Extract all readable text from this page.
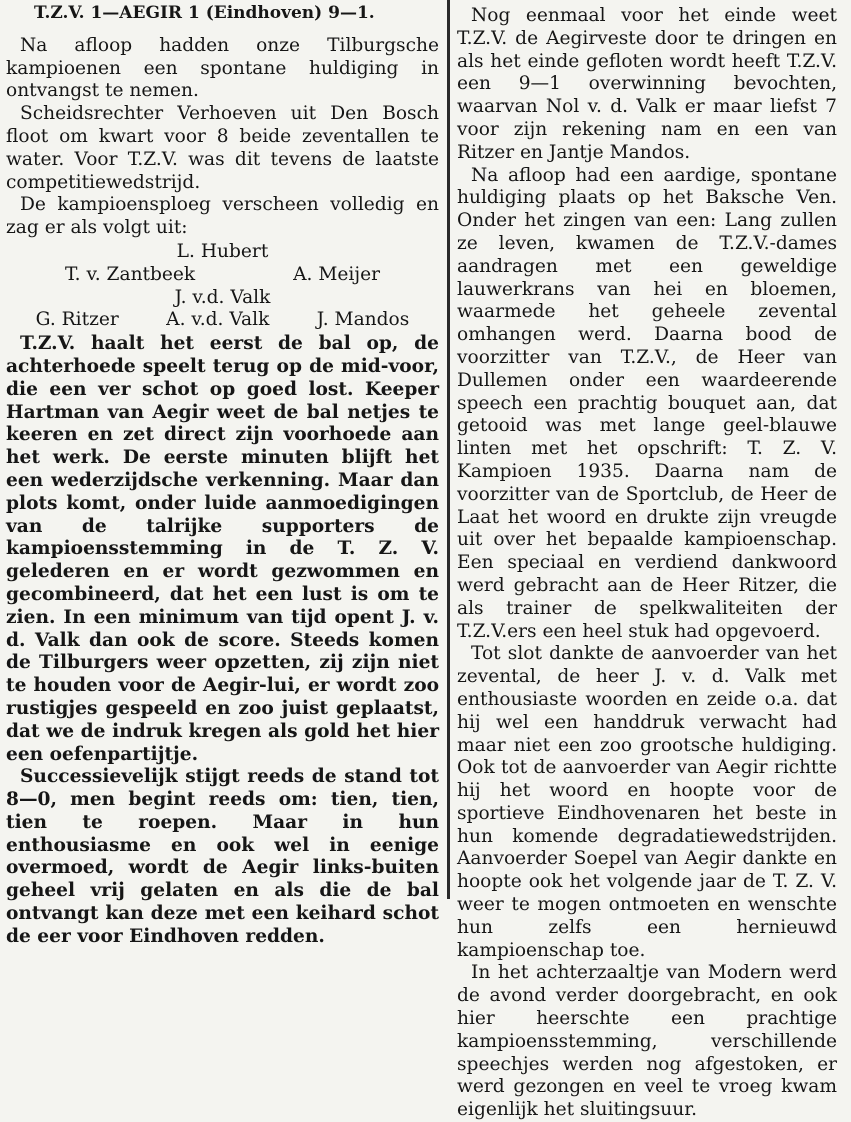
T.Z.V. 1—AEGIR 1 (Eindhoven) 9—1.

Na afloop hadden onze Tilburgsche kampioenen een spontane huldiging in ontvangst te nemen.

Scheidsrechter Verhoeven uit Den Bosch floot om kwart voor 8 beide zeventallen te water. Voor T.Z.V. was dit tevens de laatste competitiewedstrijd.

De kampioensploeg verscheen volledig en zag er als volgt uit:

L. Hubert
T. v. Zantbeek	A. Meijer
J. v.d. Valk
G. Ritzer	A. v.d. Valk	J. Mandos

T.Z.V. haalt het eerst de bal op, de achterhoede speelt terug op de mid-voor, die een ver schot op goed lost. Keeper Hartman van Aegir weet de bal netjes te keeren en zet direct zijn voorhoede aan het werk. De eerste minuten blijft het een wederzijdsche verkenning. Maar dan plots komt, onder luide aanmoedigingen van de talrijke supporters de kampioensstemming in de T. Z. V. gelederen en er wordt gezwommen en gecombineerd, dat het een lust is om te zien. In een minimum van tijd opent J. v. d. Valk dan ook de score. Steeds komen de Tilburgers weer opzetten, zij zijn niet te houden voor de Aegir-lui, er wordt zoo rustigjes gespeeld en zoo juist geplaatst, dat we de indruk kregen als gold het hier een oefenpartijtje.

Successievelijk stijgt reeds de stand tot 8—0, men begint reeds om: tien, tien, tien te roepen. Maar in hun enthousiasme en ook wel in eenige overmoed, wordt de Aegir links-buiten geheel vrij gelaten en als die de bal ontvangt kan deze met een keihard schot de eer voor Eindhoven redden.

Nog eenmaal voor het einde weet T.Z.V. de Aegirveste door te dringen en als het einde gefloten wordt heeft T.Z.V. een 9—1 overwinning bevochten, waarvan Nol v. d. Valk er maar liefst 7 voor zijn rekening nam en een van Ritzer en Jantje Mandos.

Na afloop had een aardige, spontane huldiging plaats op het Baksche Ven. Onder het zingen van een: Lang zullen ze leven, kwamen de T.Z.V.-dames aandragen met een geweldige lauwerkrans van hei en bloemen, waarmede het geheele zevental omhangen werd. Daarna bood de voorzitter van T.Z.V., de Heer van Dullemen onder een waardeerende speech een prachtig bouquet aan, dat getooid was met lange geel-blauwe linten met het opschrift: T. Z. V. Kampioen 1935. Daarna nam de voorzitter van de Sportclub, de Heer de Laat het woord en drukte zijn vreugde uit over het bepaalde kampioenschap. Een speciaal en verdiend dankwoord werd gebracht aan de Heer Ritzer, die als trainer de spelkwaliteiten der T.Z.V.ers een heel stuk had opgevoerd.

Tot slot dankte de aanvoerder van het zevental, de heer J. v. d. Valk met enthousiaste woorden en zeide o.a. dat hij wel een handdruk verwacht had maar niet een zoo grootsche huldiging. Ook tot de aanvoerder van Aegir richtte hij het woord en hoopte voor de sportieve Eindhovenaren het beste in hun komende degradatiewedstrijden. Aanvoerder Soepel van Aegir dankte en hoopte ook het volgende jaar de T. Z. V. weer te mogen ontmoeten en wenschte hun zelfs een hernieuwd kampioenschap toe.

In het achterzaaltje van Modern werd de avond verder doorgebracht, en ook hier heerschte een prachtige kampioensstemming, verschillende speechjes werden nog afgestoken, er werd gezongen en veel te vroeg kwam eigenlijk het sluitingsuur.
